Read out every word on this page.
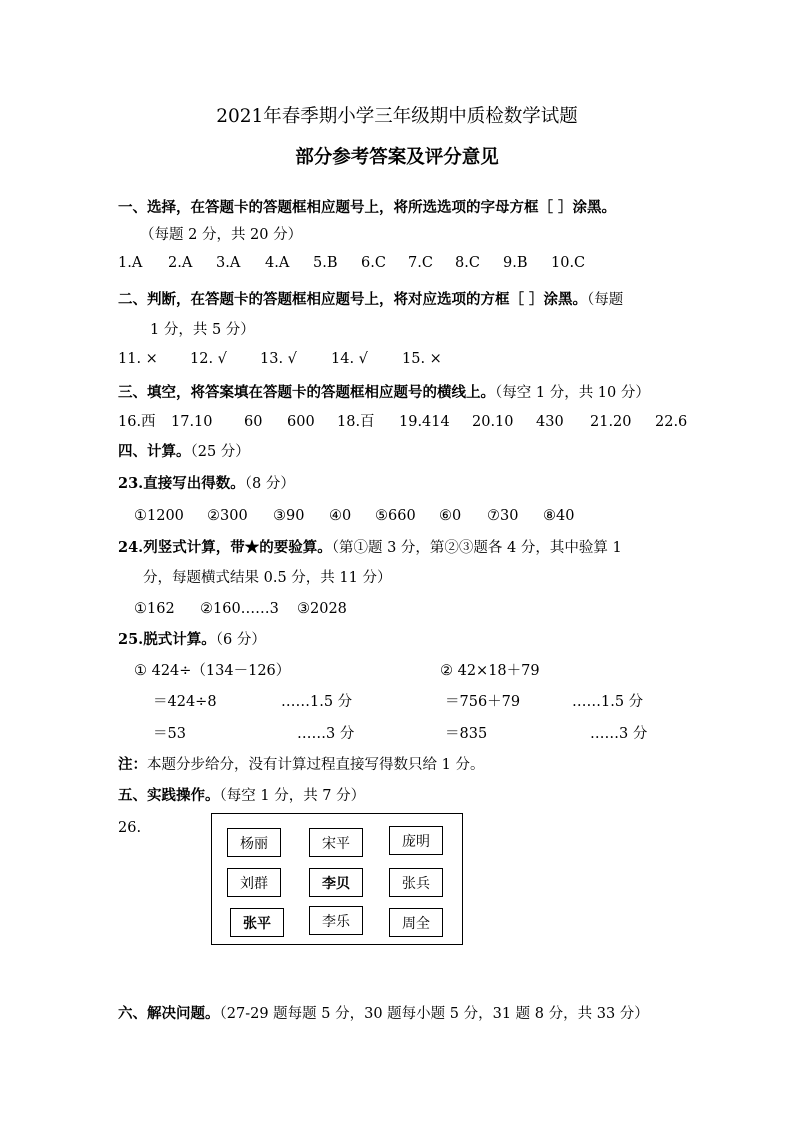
2021年春季期小学三年级期中质检数学试题
部分参考答案及评分意见
一、选择，在答题卡的答题框相应题号上，将所选选项的字母方框［ ］涂黑。
（每题 2 分，共 20 分）
1.A 2.A 3.A 4.A 5.B 6.C 7.C 8.C 9.B 10.C
二、判断，在答题卡的答题框相应题号上，将对应选项的方框［ ］涂黑。（每题
1 分，共 5 分）
11. × 12. √ 13. √ 14. √ 15. ×
三、填空，将答案填在答题卡的答题框相应题号的横线上。（每空 1 分，共 10 分）
16.西 17.10 60 600 18.百 19.414 20.10 430 21.20 22.6
四、计算。（25 分）
23.直接写出得数。（8 分）
①1200 ②300 ③90 ④0 ⑤660 ⑥0 ⑦30 ⑧40
24.列竖式计算，带★的要验算。（第①题 3 分，第②③题各 4 分，其中验算 1
分，每题横式结果 0.5 分，共 11 分）
①162 ②160……3 ③2028
25.脱式计算。（6 分）
① 424÷（134－126）
＝424÷8	……1.5 分
＝53	……3 分
② 42×18＋79
＝756＋79	……1.5 分
＝835	……3 分
注：本题分步给分，没有计算过程直接写得数只给 1 分。
五、实践操作。（每空 1 分，共 7 分）
26.
杨丽	宋平	庞明
刘群	李贝	张兵
张平	李乐	周全
六、解决问题。（27-29 题每题 5 分，30 题每小题 5 分，31 题 8 分，共 33 分）
